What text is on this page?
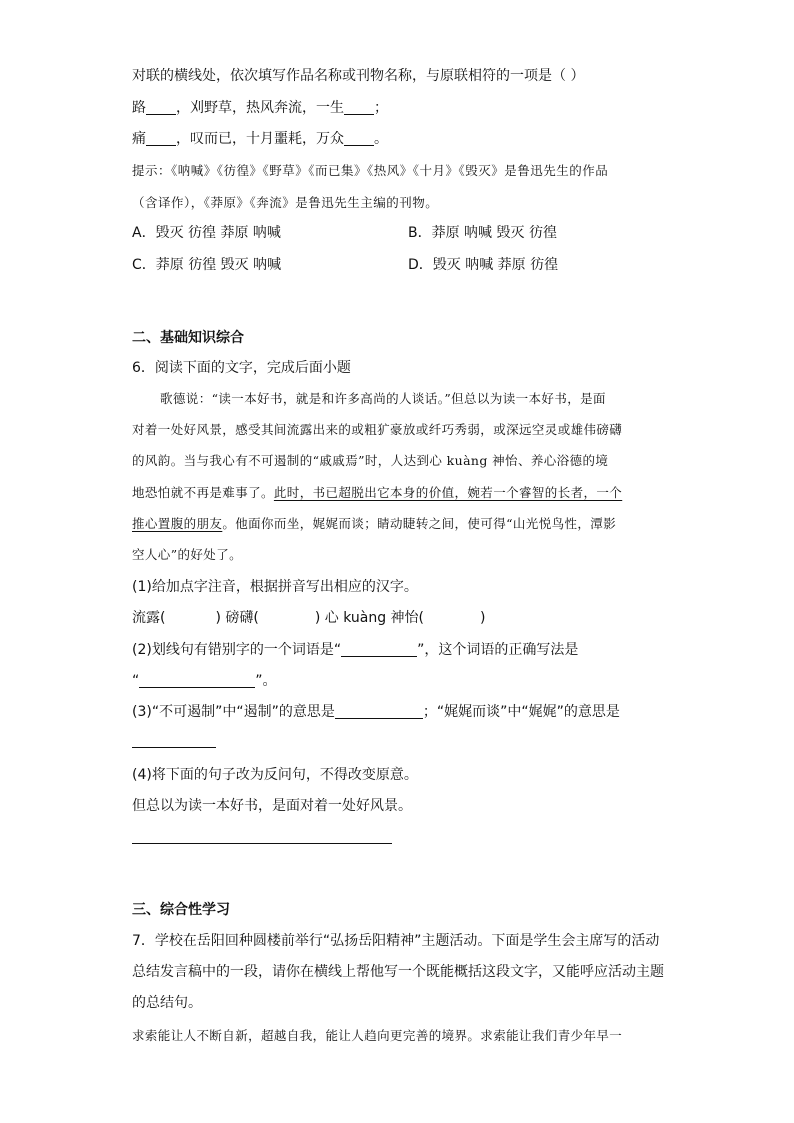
对联的横线处，依次填写作品名称或刊物名称，与原联相符的一项是（ ）
路 ，刈野草，热风奔流，一生 ；
痛 ，叹而已，十月噩耗，万众 。
提示：《呐喊》《彷徨》《野草》《而已集》《热风》《十月》《毁灭》是鲁迅先生的作品
（含译作），《莽原》《奔流》是鲁迅先生主编的刊物。
A．毁灭 彷徨 莽原 呐喊	B．莽原 呐喊 毁灭 彷徨
C．莽原 彷徨 毁灭 呐喊	D．毁灭 呐喊 莽原 彷徨
二、基础知识综合
6．阅读下面的文字，完成后面小题
歌德说：“读一本好书，就是和许多高尚的人谈话。”但总以为读一本好书，是面
对着一处好风景，感受其间流露出来的或粗犷豪放或纤巧秀弱，或深远空灵或雄伟磅礴
的风韵。当与我心有不可遏制的“戚戚焉”时，人达到心 kuàng 神怡、养心浴德的境
地恐怕就不再是难事了。此时，书已超脱出它本身的价值，婉若一个睿智的长者，一个
推心置腹的朋友。他面你而坐，娓娓而谈；睛动睫转之间，使可得“山光悦鸟性，潭影
空人心”的好处了。
(1)给加点字注音，根据拼音写出相应的汉字。
流露(	) 磅礴(	) 心 kuàng 神怡(	)
(2)划线句有错别字的一个词语是“	”，这个词语的正确写法是
“	”。
(3)“不可遏制”中“遏制”的意思是	；“娓娓而谈”中“娓娓”的意思是
(4)将下面的句子改为反问句，不得改变原意。
但总以为读一本好书，是面对着一处好风景。
三、综合性学习
7．学校在岳阳回种圆楼前举行“弘扬岳阳精神”主题活动。下面是学生会主席写的活动
总结发言稿中的一段，请你在横线上帮他写一个既能概括这段文字，又能呼应活动主题
的总结句。
求索能让人不断自新，超越自我，能让人趋向更完善的境界。求索能让我们青少年早一
